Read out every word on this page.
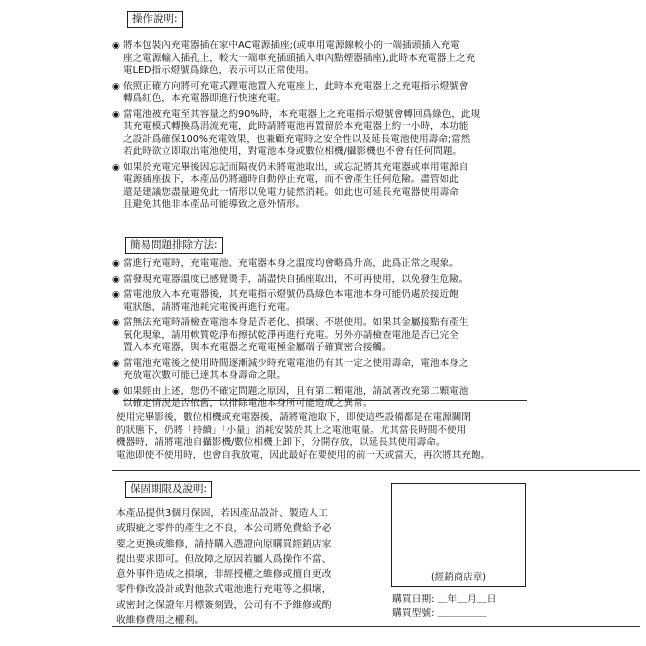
操作說明:
◉ 將本包裝內充電器插在家中AC電源插座;(或車用電源線較小的一端插頭插入充電
座之電源輸入插孔上，較大一端車充插頭插入車內點煙器插座),此時本充電器上之充
電LED指示燈號爲綠色，表示可以正常使用。
◉ 依照正確方向將可充電式鋰電池置入充電座上，此時本充電器上之充電指示燈號會
轉爲紅色，本充電器即進行快速充電。
◉ 當電池被充電至其容量之約90%時，本充電器上之充電指示燈號會轉回爲綠色，此規
其充電模式轉換爲涓流充電，此時請將電池再置留於本充電器上約一小時，本功能
之設計爲確保100%充電效果，也兼顧充電時之安全性以及延長電池使用壽命;當然
若此時欲立即取出電池使用，對電池本身或數位相機/攝影機也不會有任何問題。
◉ 如果於充電完畢後因忘記而隔夜仍未將電池取出，或忘記將其充電器或車用電源自
電源插座拔下，本產品仍將適時自動停止充電，而不會產生任何危險。盡管如此
還是建議您盡量避免此一情形以免電力徒然消耗。如此也可延長充電器使用壽命
且避免其他非本產品可能導致之意外情形。
簡易問題排除方法:
◉ 當進行充電時，充電電池、充電器本身之溫度均會略爲升高，此爲正常之現象。
◉ 當發現充電器溫度已感覺燙手，請盡快自插座取出，不可再使用，以免發生危險。
◉ 當電池放入本充電器後，其充電指示燈號仍爲綠色本電池本身可能仍處於接近飽
電狀態，請將電池耗完電後再進行充電。
◉ 當無法充電時請檢查電池本身是否老化、損壞、不堪使用。如果其金屬接點有產生
氧化現象，請用軟質乾淨布擦拭乾淨再進行充電。另外亦請檢查電池是否已完全
置入本充電器，與本充電器之充電電極金屬端子確實密合接觸。
◉ 當電池充電後之使用時間逐漸減少時充電電池仍有其一定之使用壽命，電池本身之
充放電次數可能已達其本身壽命之限。
◉ 如果經由上述，您仍不確定問題之原因，且有第二顆電池，請試著改充第二顆電池
以確定情況是否依舊，以排除電池本身所可能造成之異常。
使用完畢影後，數位相機或充電器後，請將電池取下，即使這些設備都是在電源關閉
的狀態下，仍將「持續」「小量」消耗安裝於其上之電池電量。尤其當長時間不使用
機器時，請將電池自攝影機/數位相機上卸下，分開存放，以延長其使用壽命。
電池即使不使用時，也會自我放電，因此最好在要使用的前一天或當天，再次將其充飽。
保固期限及說明:
本產品提供3個月保固，若因產品設計、製造人工
或瑕疵之零件的產生之不良，本公司將免費給予必
要之更換或維修，請持購入憑證向原購買經銷店家
提出要求即可。但故障之原因若屬人爲操作不當、
意外事件造成之損壞，非經授權之維修或擅自更改
零件修改設計或對他款式電池進行充電等之損壞，
或密封之保證年月標簽刻毀，公司有不予維修或酌
收維修費用之權利。
(經銷商店章)
購買日期: ＿年＿月＿日
購買型號: ＿＿＿＿＿
